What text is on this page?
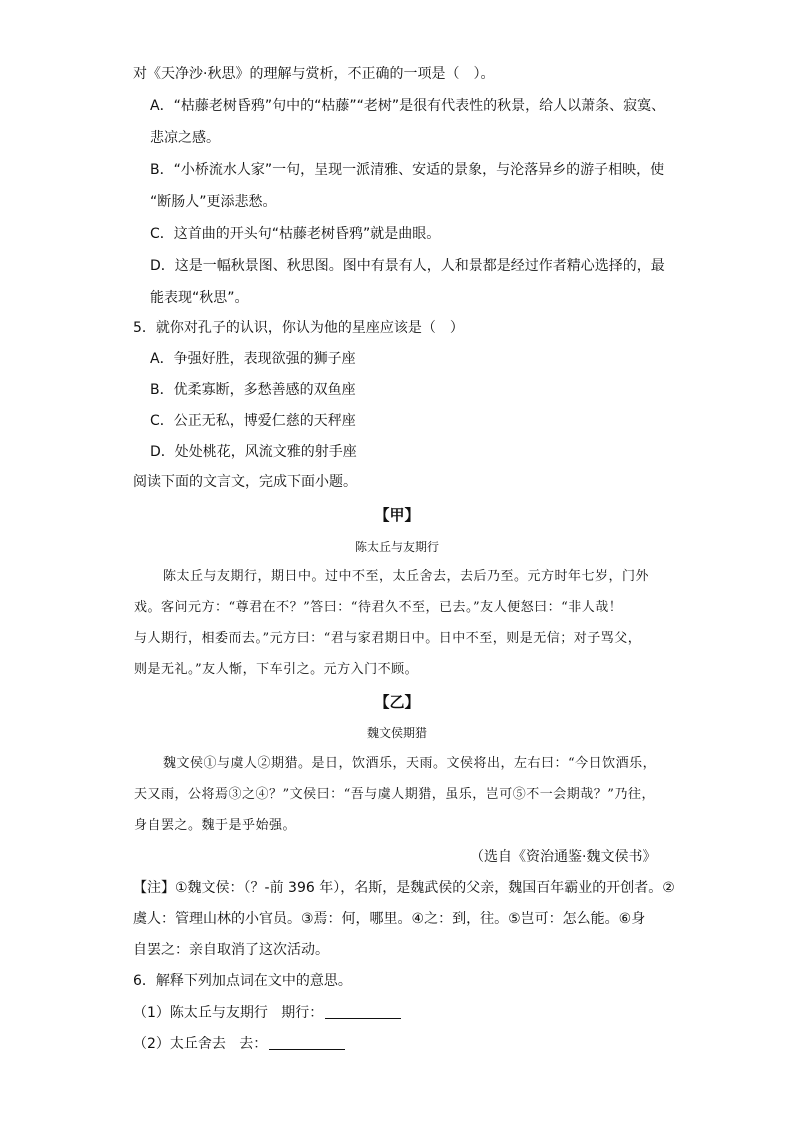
对《天净沙·秋思》的理解与赏析，不正确的一项是（　）。
A．“枯藤老树昏鸦”句中的“枯藤”“老树”是很有代表性的秋景，给人以萧条、寂寞、
悲凉之感。
B．“小桥流水人家”一句，呈现一派清雅、安适的景象，与沦落异乡的游子相映，使
“断肠人”更添悲愁。
C．这首曲的开头句“枯藤老树昏鸦”就是曲眼。
D．这是一幅秋景图、秋思图。图中有景有人，人和景都是经过作者精心选择的，最
能表现“秋思”。
5．就你对孔子的认识，你认为他的星座应该是（　）
A．争强好胜，表现欲强的狮子座
B．优柔寡断，多愁善感的双鱼座
C．公正无私，博爱仁慈的天秤座
D．处处桃花，风流文雅的射手座
阅读下面的文言文，完成下面小题。
【甲】
陈太丘与友期行
陈太丘与友期行，期日中。过中不至，太丘舍去，去后乃至。元方时年七岁，门外
戏。客问元方：“尊君在不？”答曰：“待君久不至，已去。”友人便怒曰：“非人哉！
与人期行，相委而去。”元方曰：“君与家君期日中。日中不至，则是无信；对子骂父，
则是无礼。”友人惭，下车引之。元方入门不顾。
【乙】
魏文侯期猎
魏文侯①与虞人②期猎。是日，饮酒乐，天雨。文侯将出，左右曰：“今日饮酒乐，
天又雨，公将焉③之④？”文侯曰：“吾与虞人期猎，虽乐，岂可⑤不一会期哉？”乃往，
身自罢之。魏于是乎始强。
（选自《资治通鉴·魏文侯书》
【注】①魏文侯：（？-前 396 年），名斯，是魏武侯的父亲，魏国百年霸业的开创者。②
虞人：管理山林的小官员。③焉：何，哪里。④之：到，往。⑤岂可：怎么能。⑥身
自罢之：亲自取消了这次活动。
6．解释下列加点词在文中的意思。
（1）陈太丘与友期行 期行：
（2）太丘舍去 去：
